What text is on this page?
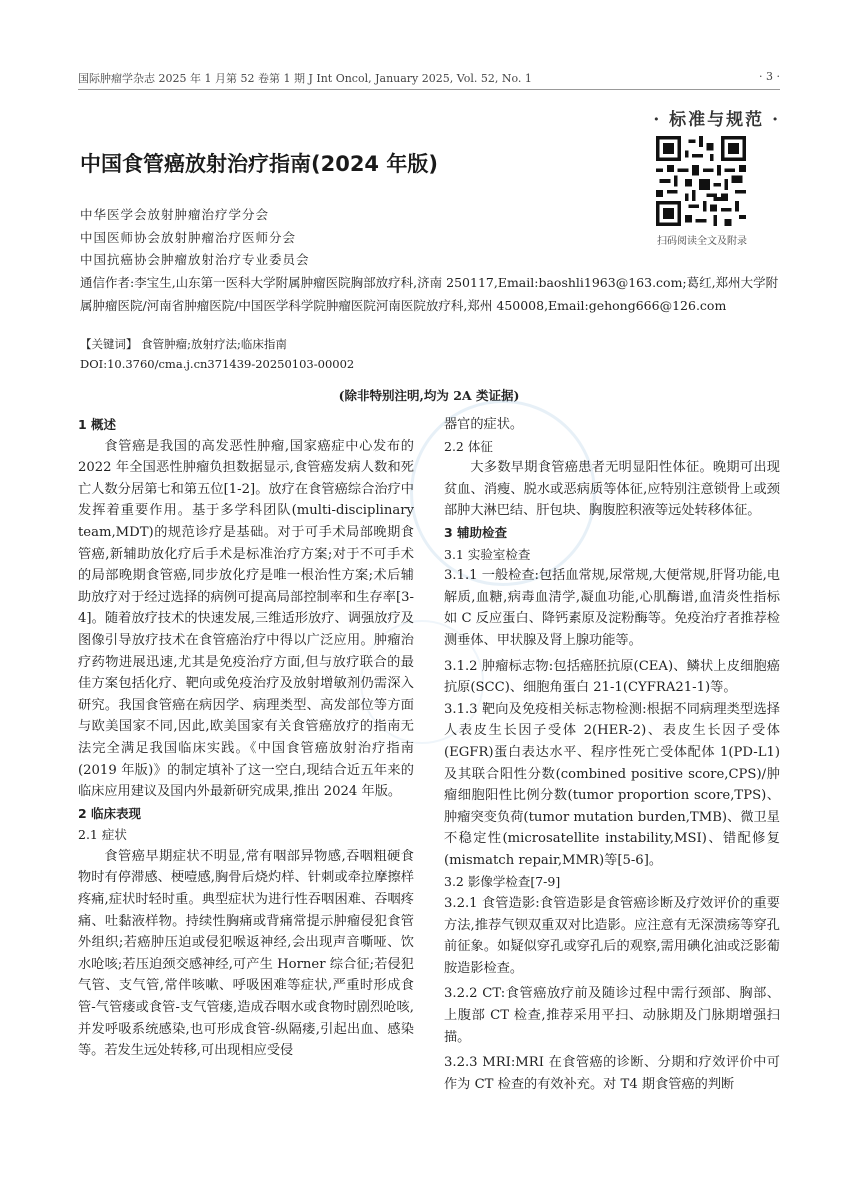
国际肿瘤学杂志 2025 年 1 月第 52 卷第 1 期 J Int Oncol, January 2025, Vol. 52, No. 1	· 3 ·
· 标准与规范 ·
中国食管癌放射治疗指南(2024 年版)
扫码阅读全文及附录
中华医学会放射肿瘤治疗学分会
中国医师协会放射肿瘤治疗医师分会
中国抗癌协会肿瘤放射治疗专业委员会
通信作者:李宝生,山东第一医科大学附属肿瘤医院胸部放疗科,济南 250117,Email:baoshli1963@163.com;葛红,郑州大学附属肿瘤医院/河南省肿瘤医院/中国医学科学院肿瘤医院河南医院放疗科,郑州 450008,Email:gehong666@126.com
【关键词】 食管肿瘤;放射疗法;临床指南
DOI:10.3760/cma.j.cn371439-20250103-00002
(除非特别注明,均为 2A 类证据)
1 概述

食管癌是我国的高发恶性肿瘤,国家癌症中心发布的 2022 年全国恶性肿瘤负担数据显示,食管癌发病人数和死亡人数分居第七和第五位[1-2]。放疗在食管癌综合治疗中发挥着重要作用。基于多学科团队(multi-disciplinary team,MDT)的规范诊疗是基础。对于可手术局部晚期食管癌,新辅助放化疗后手术是标准治疗方案;对于不可手术的局部晚期食管癌,同步放化疗是唯一根治性方案;术后辅助放疗对于经过选择的病例可提高局部控制率和生存率[3-4]。随着放疗技术的快速发展,三维适形放疗、调强放疗及图像引导放疗技术在食管癌治疗中得以广泛应用。肿瘤治疗药物进展迅速,尤其是免疫治疗方面,但与放疗联合的最佳方案包括化疗、靶向或免疫治疗及放射增敏剂仍需深入研究。我国食管癌在病因学、病理类型、高发部位等方面与欧美国家不同,因此,欧美国家有关食管癌放疗的指南无法完全满足我国临床实践。《中国食管癌放射治疗指南(2019 年版)》的制定填补了这一空白,现结合近五年来的临床应用建议及国内外最新研究成果,推出 2024 年版。

2 临床表现
2.1 症状

食管癌早期症状不明显,常有咽部异物感,吞咽粗硬食物时有停滞感、梗噎感,胸骨后烧灼样、针刺或牵拉摩擦样疼痛,症状时轻时重。典型症状为进行性吞咽困难、吞咽疼痛、吐黏液样物。持续性胸痛或背痛常提示肿瘤侵犯食管外组织;若癌肿压迫或侵犯喉返神经,会出现声音嘶哑、饮水呛咳;若压迫颈交感神经,可产生 Horner 综合征;若侵犯气管、支气管,常伴咳嗽、呼吸困难等症状,严重时形成食管-气管瘘或食管-支气管瘘,造成吞咽水或食物时剧烈呛咳,并发呼吸系统感染,也可形成食管-纵隔瘘,引起出血、感染等。若发生远处转移,可出现相应受侵

器官的症状。

2.2 体征

大多数早期食管癌患者无明显阳性体征。晚期可出现贫血、消瘦、脱水或恶病质等体征,应特别注意锁骨上或颈部肿大淋巴结、肝包块、胸腹腔积液等远处转移体征。

3 辅助检查
3.1 实验室检查

3.1.1 一般检查:包括血常规,尿常规,大便常规,肝肾功能,电解质,血糖,病毒血清学,凝血功能,心肌酶谱,血清炎性指标如 C 反应蛋白、降钙素原及淀粉酶等。免疫治疗者推荐检测垂体、甲状腺及肾上腺功能等。

3.1.2 肿瘤标志物:包括癌胚抗原(CEA)、鳞状上皮细胞癌抗原(SCC)、细胞角蛋白 21-1(CYFRA21-1)等。

3.1.3 靶向及免疫相关标志物检测:根据不同病理类型选择人表皮生长因子受体 2(HER-2)、表皮生长因子受体(EGFR)蛋白表达水平、程序性死亡受体配体 1(PD-L1)及其联合阳性分数(combined positive score,CPS)/肿瘤细胞阳性比例分数(tumor proportion score,TPS)、肿瘤突变负荷(tumor mutation burden,TMB)、微卫星不稳定性(microsatellite instability,MSI)、错配修复(mismatch repair,MMR)等[5-6]。

3.2 影像学检查[7-9]

3.2.1 食管造影:食管造影是食管癌诊断及疗效评价的重要方法,推荐气钡双重双对比造影。应注意有无深溃疡等穿孔前征象。如疑似穿孔或穿孔后的观察,需用碘化油或泛影葡胺造影检查。

3.2.2 CT:食管癌放疗前及随诊过程中需行颈部、胸部、上腹部 CT 检查,推荐采用平扫、动脉期及门脉期增强扫描。

3.2.3 MRI:MRI 在食管癌的诊断、分期和疗效评价中可作为 CT 检查的有效补充。对 T4 期食管癌的判断
